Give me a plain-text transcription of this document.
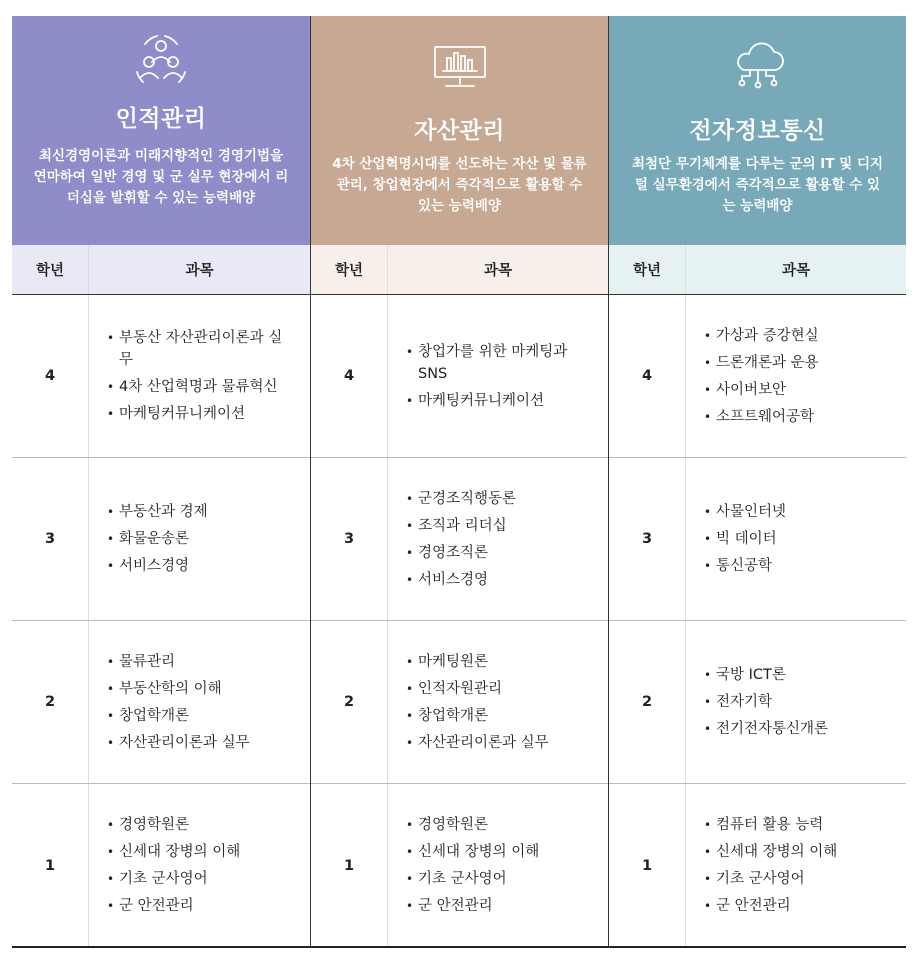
인적관리
최신경영이론과 미래지향적인 경영기법을 연마하여 일반 경영 및 군 실무 현장에서 리더십을 발휘할 수 있는 능력배양
학년	과목
4
• 부동산 자산관리이론과 실무
• 4차 산업혁명과 물류혁신
• 마케팅커뮤니케이션
3
• 부동산과 경제
• 화물운송론
• 서비스경영
2
• 물류관리
• 부동산학의 이해
• 창업학개론
• 자산관리이론과 실무
1
• 경영학원론
• 신세대 장병의 이해
• 기초 군사영어
• 군 안전관리
자산관리
4차 산업혁명시대를 선도하는 자산 및 물류관리, 창업현장에서 즉각적으로 활용할 수 있는 능력배양
학년	과목
4
• 창업가를 위한 마케팅과 SNS
• 마케팅커뮤니케이션
3
• 군경조직행동론
• 조직과 리더십
• 경영조직론
• 서비스경영
2
• 마케팅원론
• 인적자원관리
• 창업학개론
• 자산관리이론과 실무
1
• 경영학원론
• 신세대 장병의 이해
• 기초 군사영어
• 군 안전관리
전자정보통신
최첨단 무기체계를 다루는 군의 IT 및 디지털 실무환경에서 즉각적으로 활용할 수 있는 능력배양
학년	과목
4
• 가상과 증강현실
• 드론개론과 운용
• 사이버보안
• 소프트웨어공학
3
• 사물인터넷
• 빅 데이터
• 통신공학
2
• 국방 ICT론
• 전자기학
• 전기전자통신개론
1
• 컴퓨터 활용 능력
• 신세대 장병의 이해
• 기초 군사영어
• 군 안전관리
